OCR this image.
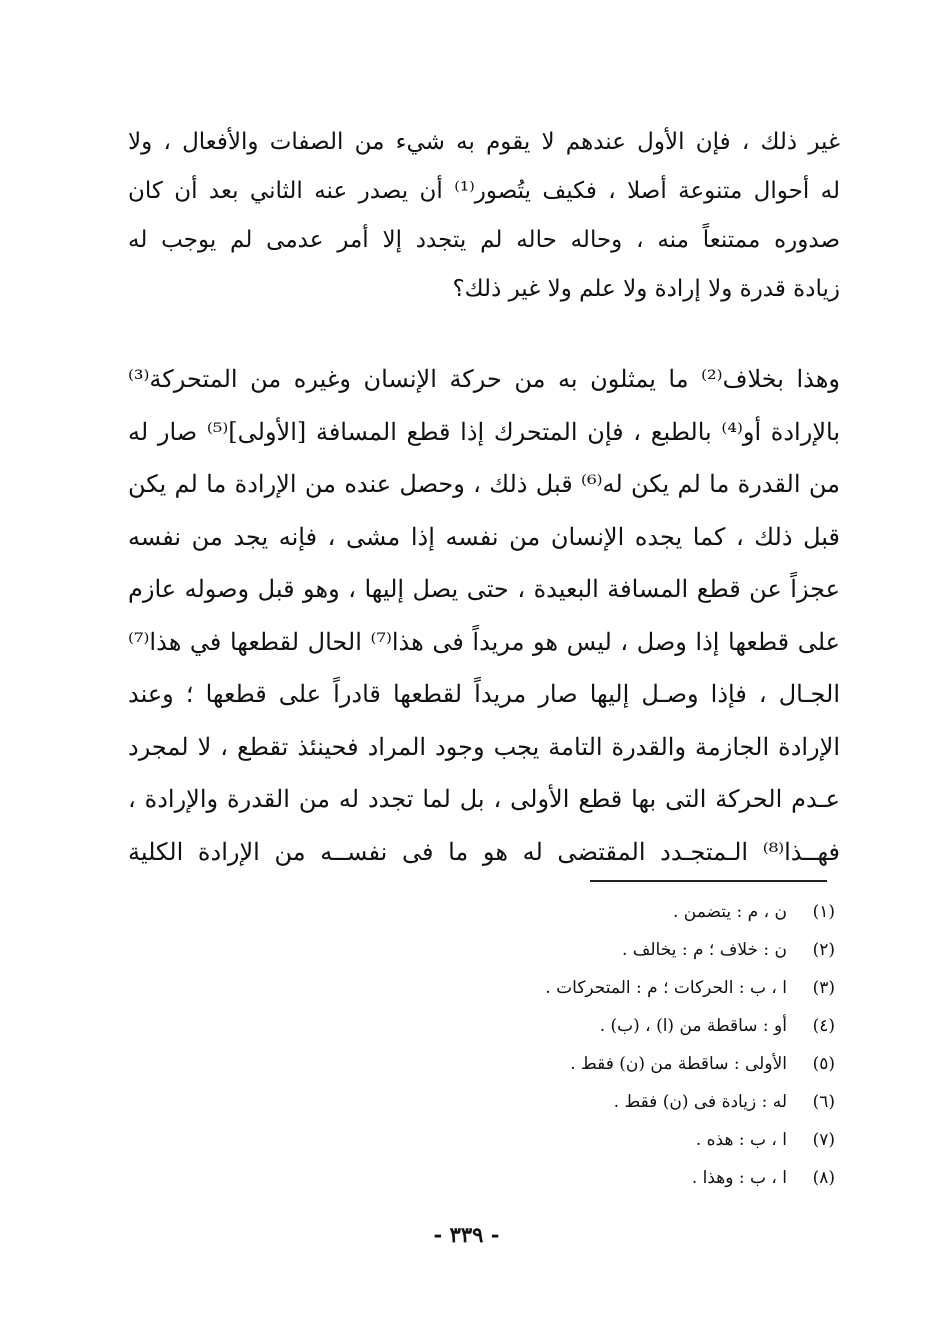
غير ذلك ، فإن الأول عندهم لا يقوم به شيء من الصفات والأفعال ، ولا
له أحوال متنوعة أصلا ، فكيف يتُصور⁽¹⁾ أن يصدر عنه الثاني بعد أن كان
صدوره ممتنعاً منه ، وحاله حاله لم يتجدد إلا أمر عدمى لم يوجب له
زيادة قدرة ولا إرادة ولا علم ولا غير ذلك؟
وهذا بخلاف⁽²⁾ ما يمثلون به من حركة الإنسان وغيره من المتحركة⁽³⁾
بالإرادة أو⁽⁴⁾ بالطبع ، فإن المتحرك إذا قطع المسافة [الأولى]⁽⁵⁾ صار له
من القدرة ما لم يكن له⁽⁶⁾ قبل ذلك ، وحصل عنده من الإرادة ما لم يكن
قبل ذلك ، كما يجده الإنسان من نفسه إذا مشى ، فإنه يجد من نفسه
عجزاً عن قطع المسافة البعيدة ، حتى يصل إليها ، وهو قبل وصوله عازم
على قطعها إذا وصل ، ليس هو مريداً فى هذا⁽⁷⁾ الحال لقطعها في هذا⁽⁷⁾
الجـال ، فإذا وصـل إليها صار مريداً لقطعها قادراً على قطعها ؛ وعند
الإرادة الجازمة والقدرة التامة يجب وجود المراد فحينئذ تقطع ، لا لمجرد
عـدم الحركة التى بها قطع الأولى ، بل لما تجدد له من القدرة والإرادة ،
فهــذا⁽⁸⁾ الـمتجـدد المقتضى له هو ما فى نفســه من الإرادة الكلية
(١)ن ، م : يتضمن .
(٢)ن : خلاف ؛ م : يخالف .
(٣)ا ، ب : الحركات ؛ م : المتحركات .
(٤)أو : ساقطة من (ا) ، (ب) .
(٥)الأولى : ساقطة من (ن) فقط .
(٦)له : زيادة فى (ن) فقط .
(٧)ا ، ب : هذه .
(٨)ا ، ب : وهذا .
- ٣٣٩ -
